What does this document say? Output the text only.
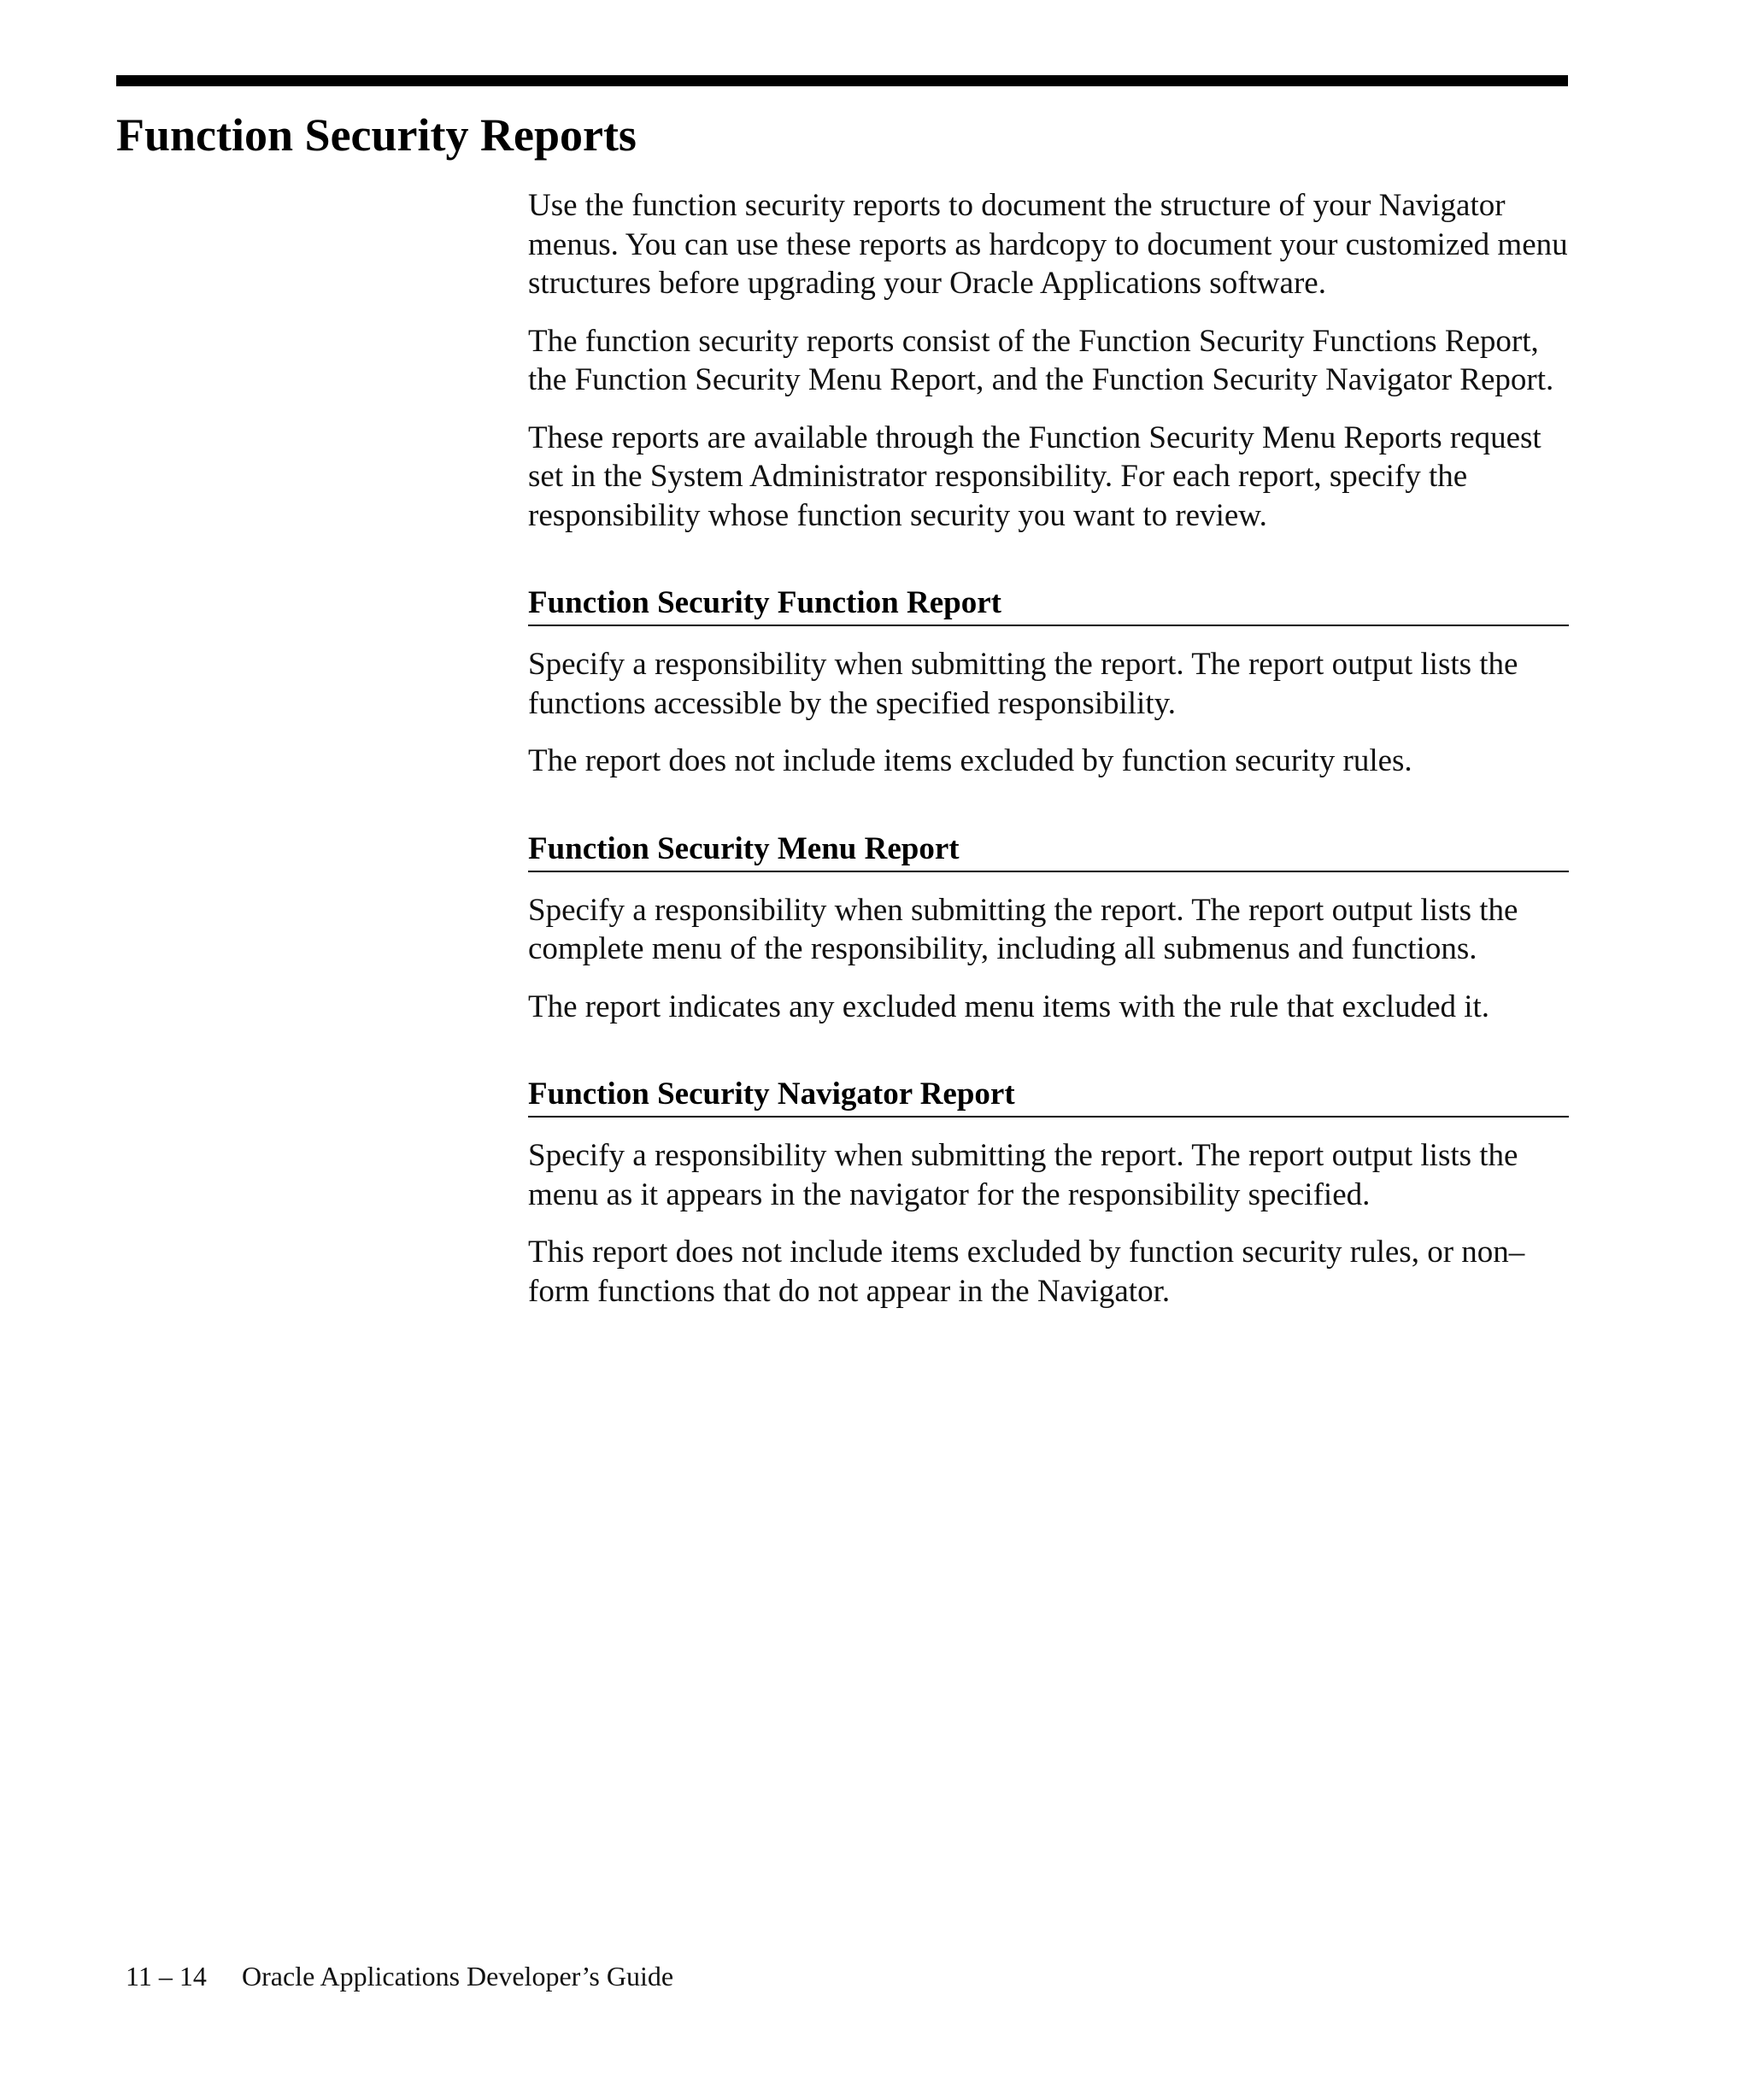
Function Security Reports

Use the function security reports to document the structure of your Navigator menus. You can use these reports as hardcopy to document your customized menu structures before upgrading your Oracle Applications software.

The function security reports consist of the Function Security Functions Report, the Function Security Menu Report, and the Function Security Navigator Report.

These reports are available through the Function Security Menu Reports request set in the System Administrator responsibility. For each report, specify the responsibility whose function security you want to review.

Function Security Function Report

Specify a responsibility when submitting the report. The report output lists the functions accessible by the specified responsibility.

The report does not include items excluded by function security rules.

Function Security Menu Report

Specify a responsibility when submitting the report. The report output lists the complete menu of the responsibility, including all submenus and functions.

The report indicates any excluded menu items with the rule that excluded it.

Function Security Navigator Report

Specify a responsibility when submitting the report. The report output lists the menu as it appears in the navigator for the responsibility specified.

This report does not include items excluded by function security rules, or non–form functions that do not appear in the Navigator.

11 – 14 Oracle Applications Developer’s Guide
